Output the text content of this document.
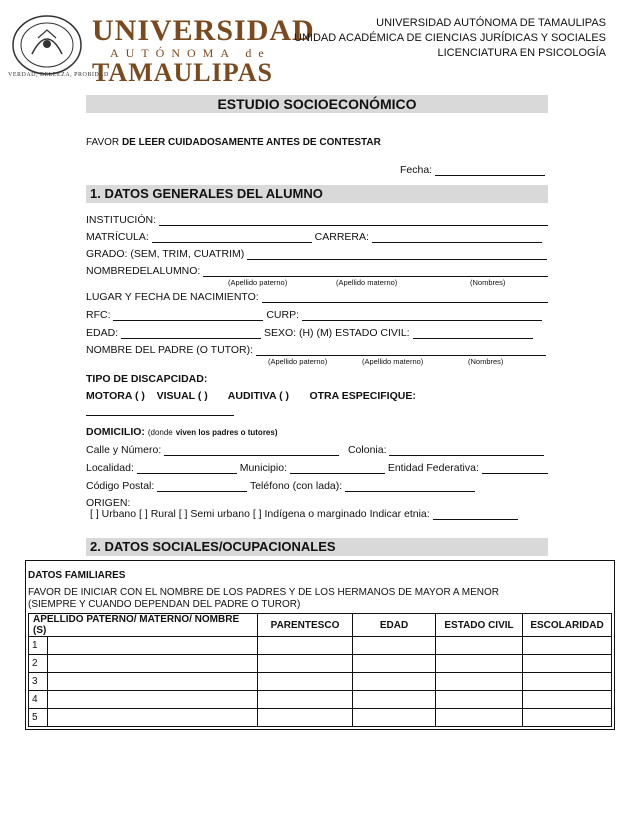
VERDAD, BELLEZA, PROBIDAD
UNIVERSIDAD
AUTÓNOMA de
TAMAULIPAS
UNIVERSIDAD AUTÓNOMA DE TAMAULIPAS
UNIDAD ACADÉMICA DE CIENCIAS JURÍDICAS Y SOCIALES
LICENCIATURA EN PSICOLOGÍA
ESTUDIO SOCIOECONÓMICO
FAVOR DE LEER CUIDADOSAMENTE ANTES DE CONTESTAR
Fecha:
1. DATOS GENERALES DEL ALUMNO
INSTITUCIÓN:
MATRÍCULA:	CARRERA:
GRADO: (SEM, TRIM, CUATRIM)
NOMBREDELALUMNO:
(Apellido paterno)	(Apellido materno)	(Nombres)
LUGAR Y FECHA DE NACIMIENTO:
RFC:	CURP:
EDAD:	SEXO: (H) (M) ESTADO CIVIL:
NOMBRE DEL PADRE (O TUTOR):
(Apellido paterno)	(Apellido materno)	(Nombres)
TIPO DE DISCAPCIDAD:
MOTORA ( ) VISUAL ( ) AUDITIVA ( ) OTRA ESPECIFIQUE:
DOMICILIO: (donde viven los padres o tutores)
Calle y Número:	Colonia:
Localidad:	Municipio:	Entidad Federativa:
Código Postal:	Teléfono (con lada):
ORIGEN:
[ ] Urbano [ ] Rural [ ] Semi urbano [ ] Indígena o marginado Indicar etnia:
2. DATOS SOCIALES/OCUPACIONALES
DATOS FAMILIARES
FAVOR DE INICIAR CON EL NOMBRE DE LOS PADRES Y DE LOS HERMANOS DE MAYOR A MENOR
(SIEMPRE Y CUANDO DEPENDAN DEL PADRE O TUROR)
APELLIDO PATERNO/ MATERNO/ NOMBRE (S)		PARENTESCO	EDAD	ESTADO CIVIL	ESCOLARIDAD
1					
2					
3					
4					
5					
